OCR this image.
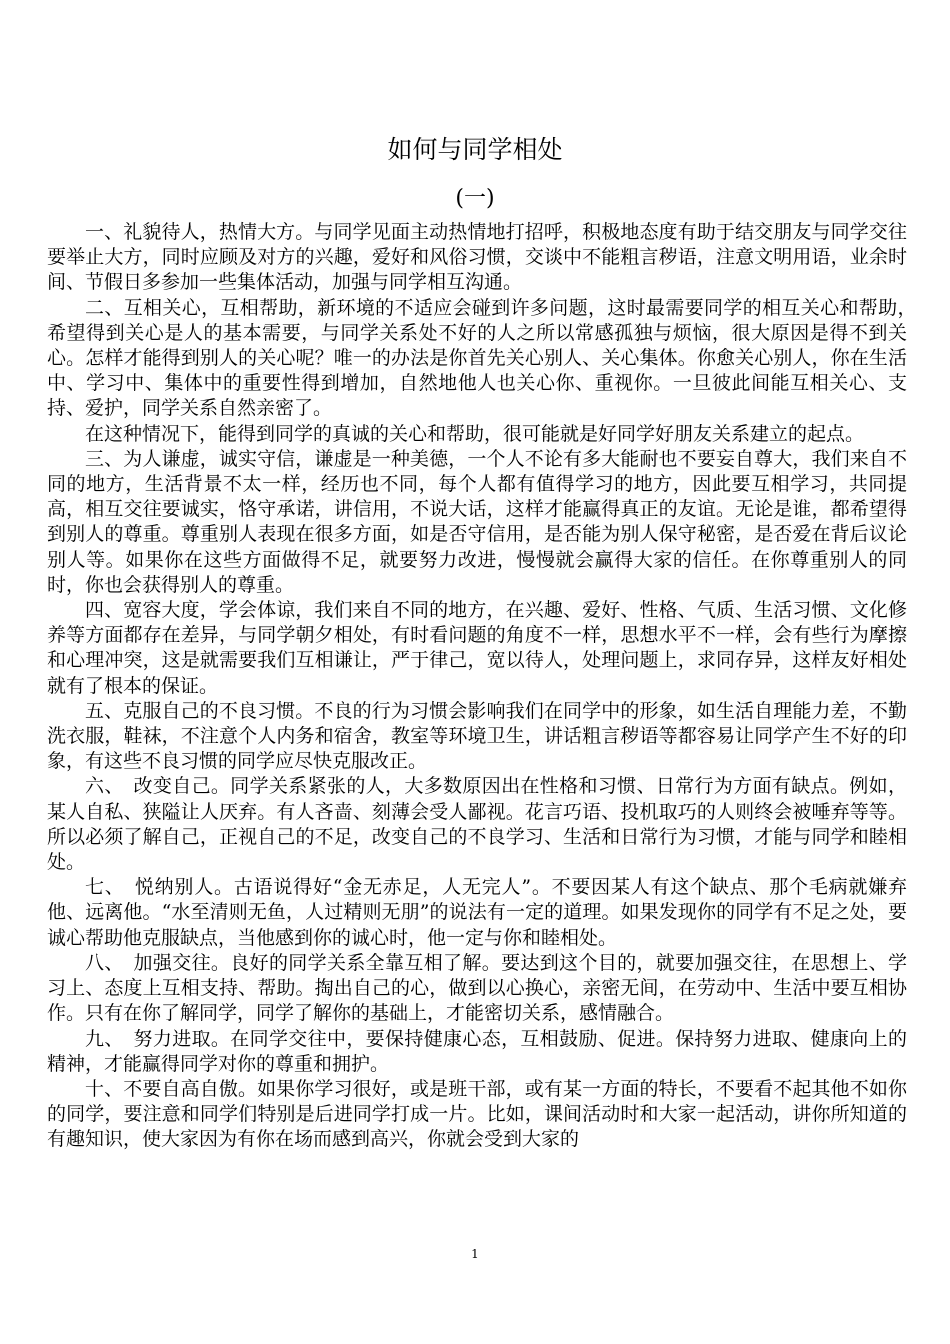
如何与同学相处
(一)

一、礼貌待人，热情大方。与同学见面主动热情地打招呼，积极地态度有助于结交朋友与同学交往要举止大方，同时应顾及对方的兴趣，爱好和风俗习惯，交谈中不能粗言秽语，注意文明用语，业余时间、节假日多参加一些集体活动，加强与同学相互沟通。

二、互相关心，互相帮助，新环境的不适应会碰到许多问题，这时最需要同学的相互关心和帮助，　希望得到关心是人的基本需要，与同学关系处不好的人之所以常感孤独与烦恼，很大原因是得不到关心。怎样才能得到别人的关心呢？唯一的办法是你首先关心别人、关心集体。你愈关心别人，你在生活中、学习中、集体中的重要性得到增加，自然地他人也关心你、重视你。一旦彼此间能互相关心、支持、爱护，同学关系自然亲密了。

在这种情况下，能得到同学的真诚的关心和帮助，很可能就是好同学好朋友关系建立的起点。

三、为人谦虚，诚实守信，谦虚是一种美德，一个人不论有多大能耐也不要妄自尊大，我们来自不同的地方，生活背景不太一样，经历也不同，每个人都有值得学习的地方，因此要互相学习，共同提高，相互交往要诚实，恪守承诺，讲信用，不说大话，这样才能赢得真正的友谊。无论是谁，都希望得到别人的尊重。尊重别人表现在很多方面，如是否守信用，是否能为别人保守秘密，是否爱在背后议论别人等。如果你在这些方面做得不足，就要努力改进，慢慢就会赢得大家的信任。在你尊重别人的同时，你也会获得别人的尊重。

四、宽容大度，学会体谅，我们来自不同的地方，在兴趣、爱好、性格、气质、生活习惯、文化修养等方面都存在差异，与同学朝夕相处，有时看问题的角度不一样，思想水平不一样，会有些行为摩擦和心理冲突，这是就需要我们互相谦让，严于律己，宽以待人，处理问题上，求同存异，这样友好相处就有了根本的保证。

五、克服自己的不良习惯。不良的行为习惯会影响我们在同学中的形象，如生活自理能力差，不勤洗衣服，鞋袜，不注意个人内务和宿舍，教室等环境卫生，讲话粗言秽语等都容易让同学产生不好的印象，有这些不良习惯的同学应尽快克服改正。

六、　改变自己。同学关系紧张的人，大多数原因出在性格和习惯、日常行为方面有缺点。例如，某人自私、狭隘让人厌弃。有人吝啬、刻薄会受人鄙视。花言巧语、投机取巧的人则终会被唾弃等等。所以必须了解自己，正视自己的不足，改变自己的不良学习、生活和日常行为习惯，才能与同学和睦相处。

七、　悦纳别人。古语说得好“金无赤足，人无完人”。不要因某人有这个缺点、那个毛病就嫌弃他、远离他。“水至清则无鱼，人过精则无朋”的说法有一定的道理。如果发现你的同学有不足之处，要诚心帮助他克服缺点，当他感到你的诚心时，他一定与你和睦相处。

八、　加强交往。良好的同学关系全靠互相了解。要达到这个目的，就要加强交往，在思想上、学习上、态度上互相支持、帮助。掏出自己的心，做到以心换心，亲密无间，在劳动中、生活中要互相协作。只有在你了解同学，同学了解你的基础上，才能密切关系，感情融合。

九、　努力进取。在同学交往中，要保持健康心态，互相鼓励、促进。保持努力进取、健康向上的精神，才能赢得同学对你的尊重和拥护。

十、不要自高自傲。如果你学习很好，或是班干部，或有某一方面的特长，不要看不起其他不如你的同学，要注意和同学们特别是后进同学打成一片。比如，课间活动时和大家一起活动，讲你所知道的有趣知识，使大家因为有你在场而感到高兴，你就会受到大家的

1
